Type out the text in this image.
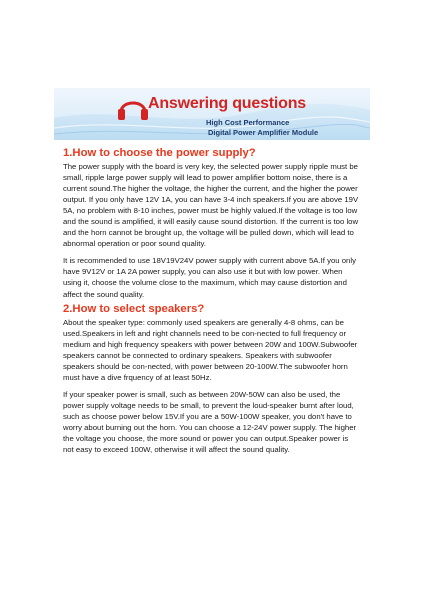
Answering questions
High Cost Performance
Digital Power Amplifier Module
1.How to choose the power supply?

The power supply with the board is very key, the selected power supply ripple must be small, ripple large power supply will lead to power amplifier bottom noise, there is a current sound.The higher the voltage, the higher the current, and the higher the power output. If you only have 12V 1A, you can have 3-4 inch speakers.If you are above 19V 5A, no problem with 8-10 inches, power must be highly valued.If the voltage is too low and the sound is amplified, it will easily cause sound distortion. If the current is too low and the horn cannot be brought up, the voltage will be pulled down, which will lead to abnormal operation or poor sound quality.

It is recommended to use 18V19V24V power supply with current above 5A.If you only have 9V12V or 1A 2A power supply, you can also use it but with low power. When using it, choose the volume close to the maximum, which may cause distortion and affect the sound quality.

2.How to select speakers?

About the speaker type: commonly used speakers are generally 4-8 ohms, can be used.Speakers in left and right channels need to be con-nected to full frequency or medium and high frequency speakers with power between 20W and 100W.Subwoofer speakers cannot be connected to ordinary speakers. Speakers with subwoofer speakers should be con-nected, with power between 20-100W.The subwoofer horn must have a dive frquency of at least 50Hz.

If your speaker power is small, such as between 20W-50W can also be used, the power supply voltage needs to be small, to prevent the loud-speaker burnt after loud, such as choose power below 15V.If you are a 50W-100W speaker, you don't have to worry about burning out the horn. You can choose a 12-24V power supply. The higher the voltage you choose, the more sound or power you can output.Speaker power is not easy to exceed 100W, otherwise it will affect the sound quality.
